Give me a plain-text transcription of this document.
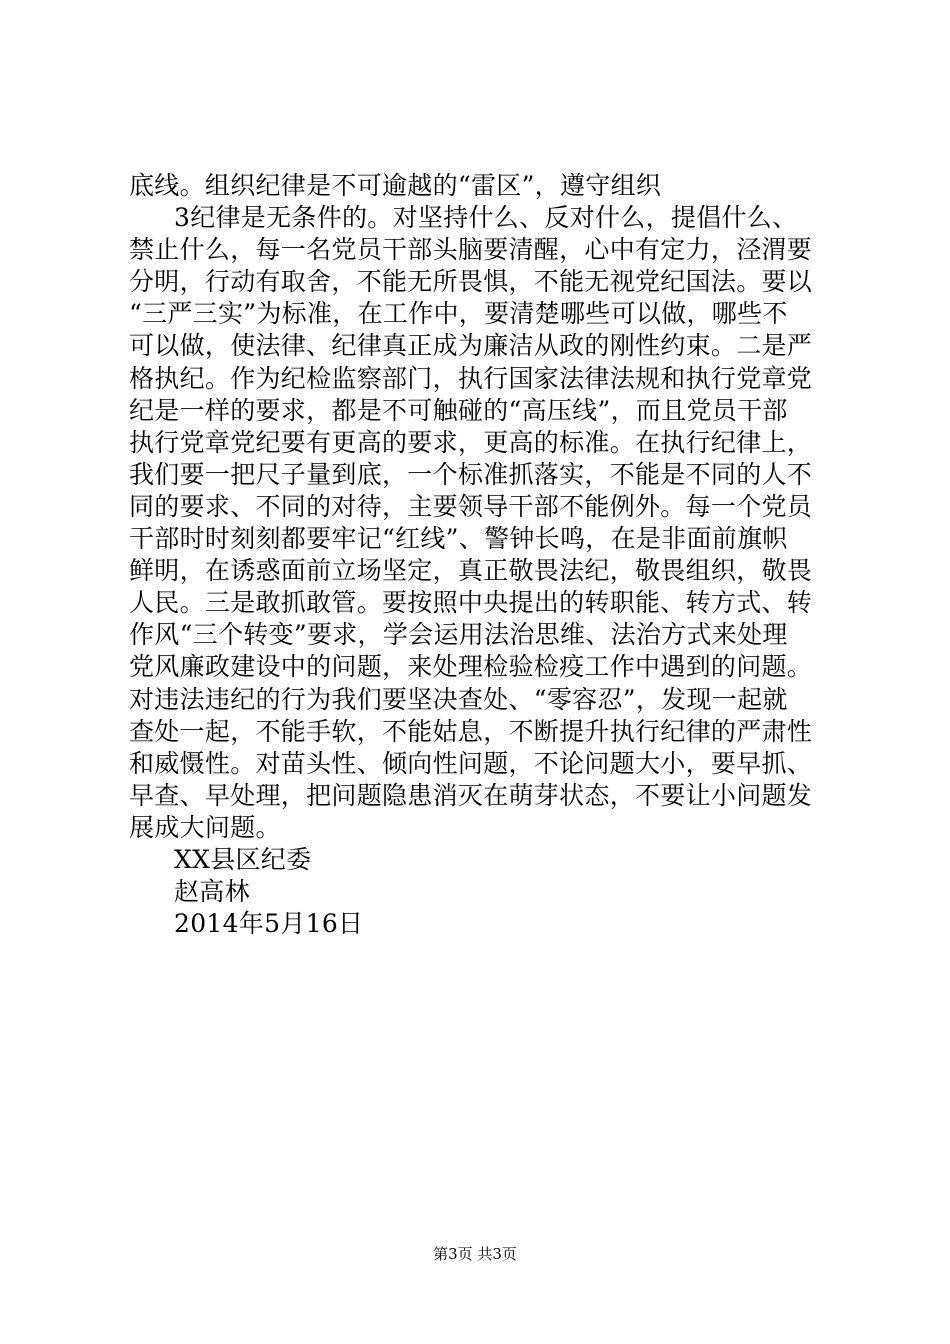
底线。组织纪律是不可逾越的“雷区”，遵守组织
3纪律是无条件的。对坚持什么、反对什么，提倡什么、
禁止什么，每一名党员干部头脑要清醒，心中有定力，泾渭要
分明，行动有取舍，不能无所畏惧，不能无视党纪国法。要以
“三严三实”为标准，在工作中，要清楚哪些可以做，哪些不
可以做，使法律、纪律真正成为廉洁从政的刚性约束。二是严
格执纪。作为纪检监察部门，执行国家法律法规和执行党章党
纪是一样的要求，都是不可触碰的“高压线”，而且党员干部
执行党章党纪要有更高的要求，更高的标准。在执行纪律上，
我们要一把尺子量到底，一个标准抓落实，不能是不同的人不
同的要求、不同的对待，主要领导干部不能例外。每一个党员
干部时时刻刻都要牢记“红线”、警钟长鸣，在是非面前旗帜
鲜明，在诱惑面前立场坚定，真正敬畏法纪，敬畏组织，敬畏
人民。三是敢抓敢管。要按照中央提出的转职能、转方式、转
作风“三个转变”要求，学会运用法治思维、法治方式来处理
党风廉政建设中的问题，来处理检验检疫工作中遇到的问题。
对违法违纪的行为我们要坚决查处、“零容忍”，发现一起就
查处一起，不能手软，不能姑息，不断提升执行纪律的严肃性
和威慑性。对苗头性、倾向性问题，不论问题大小，要早抓、
早查、早处理，把问题隐患消灭在萌芽状态，不要让小问题发
展成大问题。
XX县区纪委
赵高林
2014年5月16日
第3页 共3页
